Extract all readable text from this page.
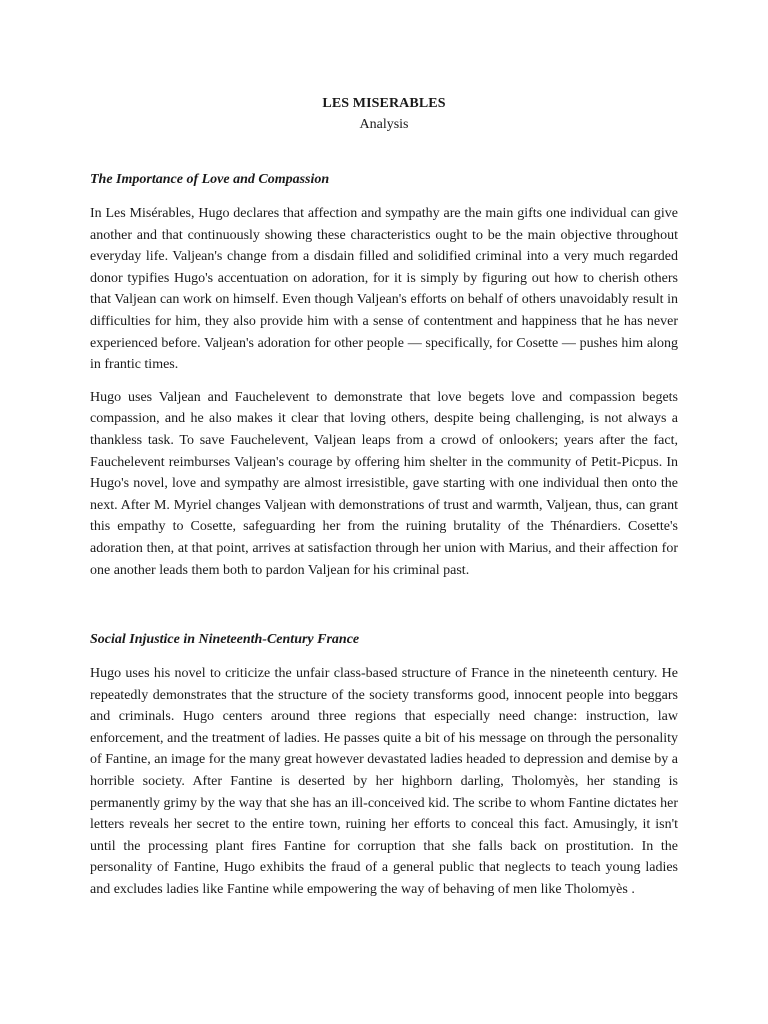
LES MISERABLES
Analysis
The Importance of Love and Compassion

In Les Misérables, Hugo declares that affection and sympathy are the main gifts one individual can give another and that continuously showing these characteristics ought to be the main objective throughout everyday life. Valjean's change from a disdain filled and solidified criminal into a very much regarded donor typifies Hugo's accentuation on adoration, for it is simply by figuring out how to cherish others that Valjean can work on himself. Even though Valjean's efforts on behalf of others unavoidably result in difficulties for him, they also provide him with a sense of contentment and happiness that he has never experienced before. Valjean's adoration for other people — specifically, for Cosette — pushes him along in frantic times.

Hugo uses Valjean and Fauchelevent to demonstrate that love begets love and compassion begets compassion, and he also makes it clear that loving others, despite being challenging, is not always a thankless task. To save Fauchelevent, Valjean leaps from a crowd of onlookers; years after the fact, Fauchelevent reimburses Valjean's courage by offering him shelter in the community of Petit-Picpus. In Hugo's novel, love and sympathy are almost irresistible, gave starting with one individual then onto the next. After M. Myriel changes Valjean with demonstrations of trust and warmth, Valjean, thus, can grant this empathy to Cosette, safeguarding her from the ruining brutality of the Thénardiers. Cosette's adoration then, at that point, arrives at satisfaction through her union with Marius, and their affection for one another leads them both to pardon Valjean for his criminal past.

Social Injustice in Nineteenth-Century France

Hugo uses his novel to criticize the unfair class-based structure of France in the nineteenth century. He repeatedly demonstrates that the structure of the society transforms good, innocent people into beggars and criminals. Hugo centers around three regions that especially need change: instruction, law enforcement, and the treatment of ladies. He passes quite a bit of his message on through the personality of Fantine, an image for the many great however devastated ladies headed to depression and demise by a horrible society. After Fantine is deserted by her highborn darling, Tholomyès, her standing is permanently grimy by the way that she has an ill-conceived kid. The scribe to whom Fantine dictates her letters reveals her secret to the entire town, ruining her efforts to conceal this fact. Amusingly, it isn't until the processing plant fires Fantine for corruption that she falls back on prostitution. In the personality of Fantine, Hugo exhibits the fraud of a general public that neglects to teach young ladies and excludes ladies like Fantine while empowering the way of behaving of men like Tholomyès .
